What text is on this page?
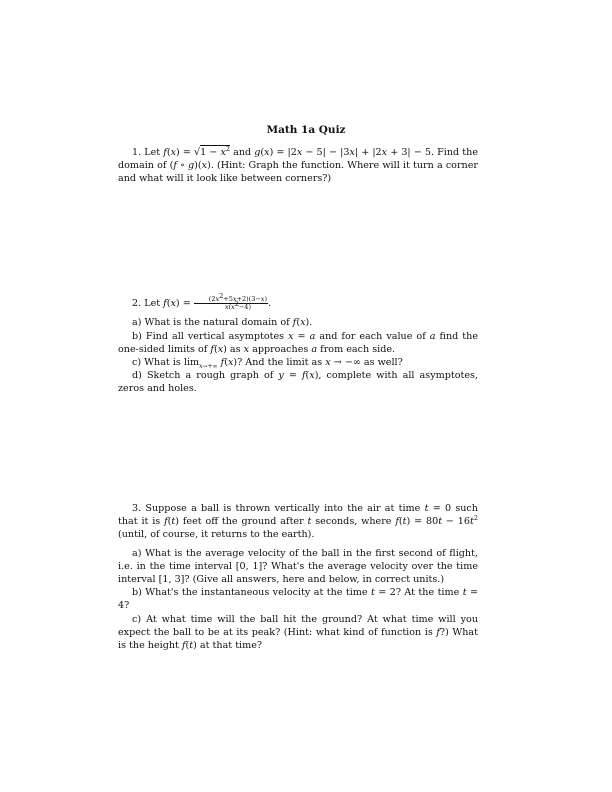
Math 1a Quiz

1. Let $f(x) = √1 - x^2$ and g(x) = |2x − 5| − |3x| + |2x + 3| − 5. Find the domain of (f ∘ g)(x). (Hint: Graph the function. Where will it turn a corner and what will it look like between corners?)

2. Let $f(x) = \frac{(2x^2+5x+2)(3-x)}{x(x^2-4)}$ .

a) What is the natural domain of f(x).

b) Find all vertical asymptotes x = a and for each value of a find the one-sided limits of f(x) as x approaches a from each side.

c) What is $\lim_{x\to+\infty} f(x)$? And the limit as x → −∞ as well?

d) Sketch a rough graph of y = f(x), complete with all asymptotes, zeros and holes.

3. Suppose a ball is thrown vertically into the air at time t = 0 such that it is f(t) feet off the ground after t seconds, where $f(t) = 80t - 16t^2$ (until, of course, it returns to the earth).

a) What is the average velocity of the ball in the first second of flight, i.e. in the time interval [0, 1]? What's the average velocity over the time interval [1, 3]? (Give all answers, here and below, in correct units.)

b) What's the instantaneous velocity at the time t = 2? At the time t = 4?

c) At what time will the ball hit the ground? At what time will you expect the ball to be at its peak? (Hint: what kind of function is f?) What is the height f(t) at that time?
